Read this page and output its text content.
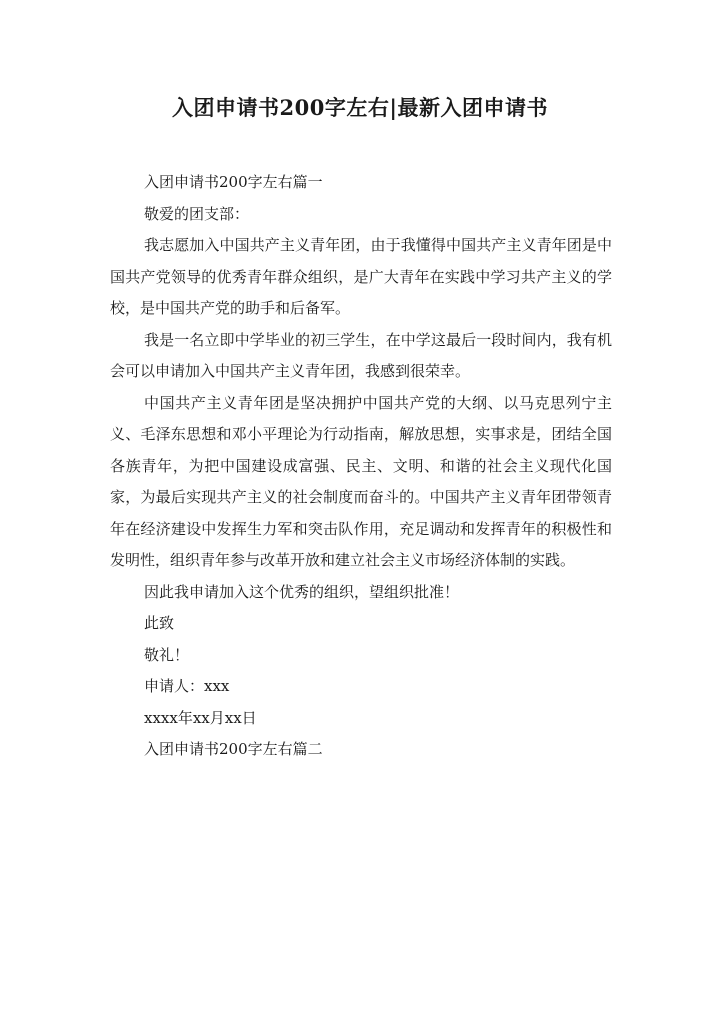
入团申请书200字左右|最新入团申请书

入团申请书200字左右篇一

敬爱的团支部：

我志愿加入中国共产主义青年团，由于我懂得中国共产主义青年团是中国共产党领导的优秀青年群众组织，是广大青年在实践中学习共产主义的学校，是中国共产党的助手和后备军。

我是一名立即中学毕业的初三学生，在中学这最后一段时间内，我有机会可以申请加入中国共产主义青年团，我感到很荣幸。

中国共产主义青年团是坚决拥护中国共产党的大纲、以马克思列宁主义、毛泽东思想和邓小平理论为行动指南，解放思想，实事求是，团结全国各族青年，为把中国建设成富强、民主、文明、和谐的社会主义现代化国家，为最后实现共产主义的社会制度而奋斗的。中国共产主义青年团带领青年在经济建设中发挥生力军和突击队作用，充足调动和发挥青年的积极性和发明性，组织青年参与改革开放和建立社会主义市场经济体制的实践。

因此我申请加入这个优秀的组织，望组织批准！

此致

敬礼！

申请人：xxx

xxxx年xx月xx日

入团申请书200字左右篇二
